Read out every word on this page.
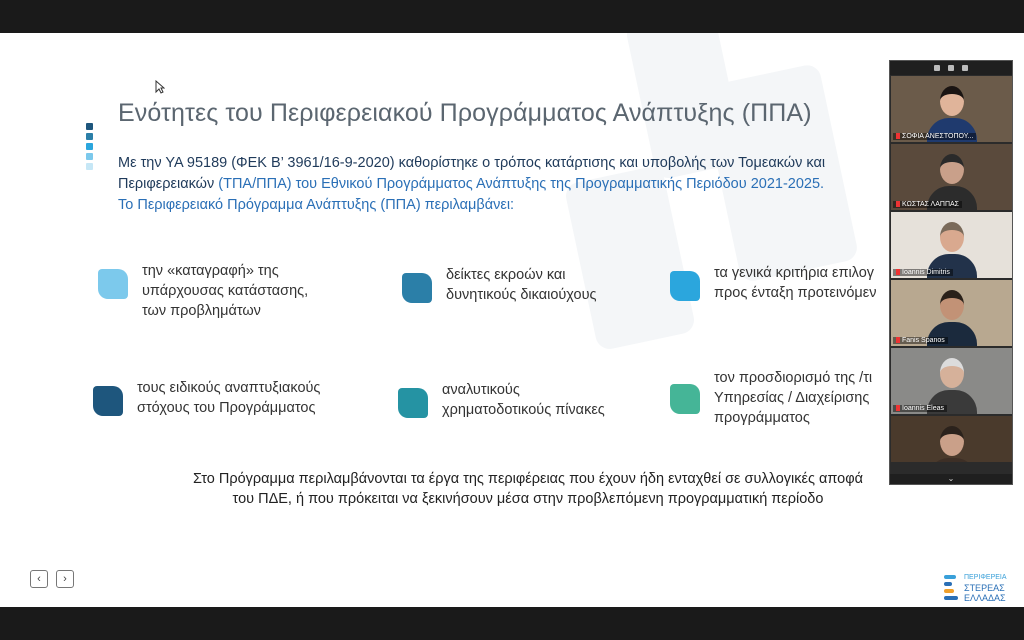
Ενότητες του Περιφερειακού Προγράμματος Ανάπτυξης (ΠΠΑ)
Με την ΥΑ 95189 (ΦΕΚ Β’ 3961/16-9-2020) καθορίστηκε ο τρόπος κατάρτισης και υποβολής των Τομεακών και
Περιφερειακών (ΤΠΑ/ΠΠΑ) του Εθνικού Προγράμματος Ανάπτυξης της Προγραμματικής Περιόδου 2021-2025.
Το Περιφερειακό Πρόγραμμα Ανάπτυξης (ΠΠΑ) περιλαμβάνει:
την «καταγραφή» της
υπάρχουσας κατάστασης,
των προβλημάτων
δείκτες εκροών και
δυνητικούς δικαιούχους
τα γενικά κριτήρια επιλογ
προς ένταξη προτεινόμεν
τους ειδικούς αναπτυξιακούς
στόχους του Προγράμματος
αναλυτικούς
χρηματοδοτικούς πίνακες
τον προσδιορισμό της /τι
Υπηρεσίας / Διαχείρισης
προγράμματος
Στο Πρόγραμμα περιλαμβάνονται τα έργα της περιφέρειας που έχουν ήδη ενταχθεί σε συλλογικές αποφά
του ΠΔΕ, ή που πρόκειται να ξεκινήσουν μέσα στην προβλεπόμενη προγραμματική περίοδο
‹	›	ΠΕΡΙΦΕΡΕΙΑ
ΣΤΕΡΕΑΣ
ΕΛΛΑΔΑΣ
ΣΟΦΙΑ ΑΝΕΣΤΟΠΟΥ...
ΚΩΣΤΑΣ ΛΑΠΠΑΣ
Ioannis Dimitris
Fanis Spanos
Ioannis Eleas
⌄
